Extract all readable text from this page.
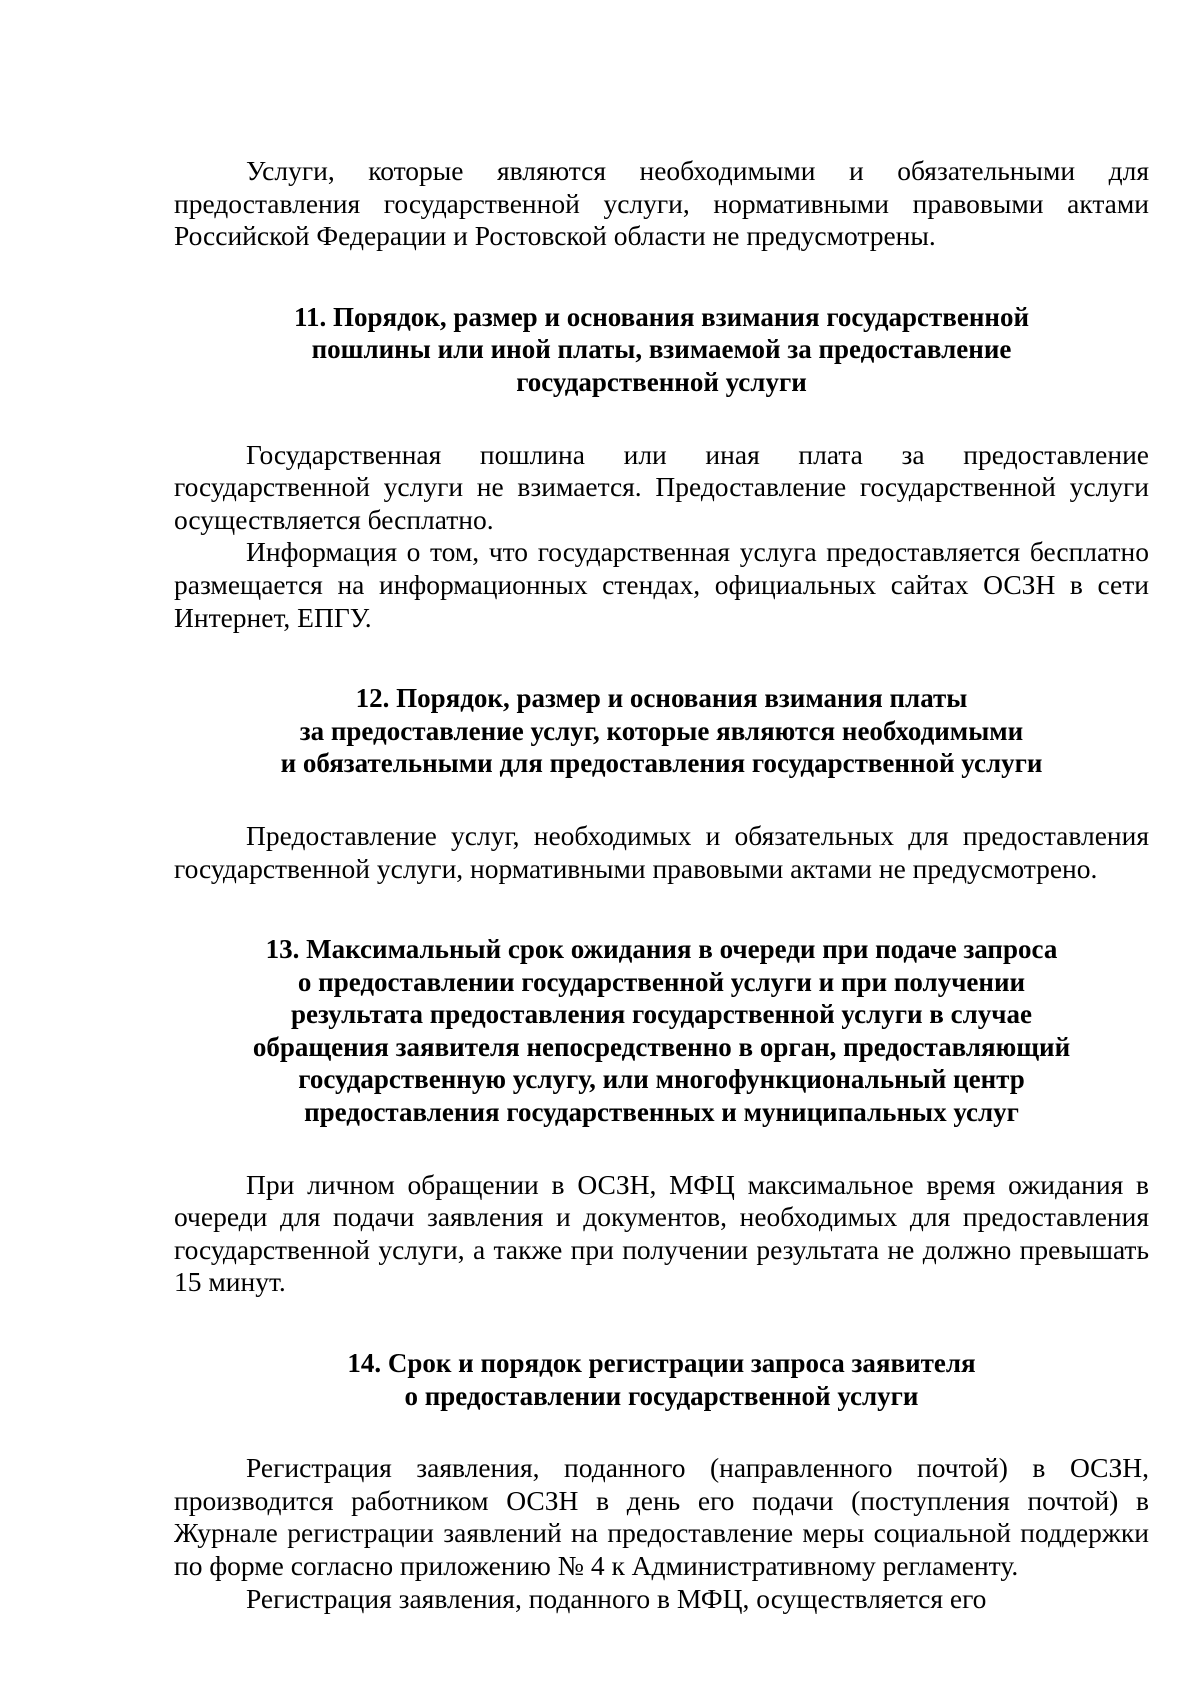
Услуги, которые являются необходимыми и обязательными для предоставления государственной услуги, нормативными правовыми актами Российской Федерации и Ростовской области не предусмотрены.

11. Порядок, размер и основания взимания государственной
пошлины или иной платы, взимаемой за предоставление
государственной услуги

Государственная пошлина или иная плата за предоставление государственной услуги не взимается. Предоставление государственной услуги осуществляется бесплатно.

Информация о том, что государственная услуга предоставляется бесплатно размещается на информационных стендах, официальных сайтах ОСЗН в сети Интернет, ЕПГУ.

12. Порядок, размер и основания взимания платы
за предоставление услуг, которые являются необходимыми
и обязательными для предоставления государственной услуги

Предоставление услуг, необходимых и обязательных для предоставления государственной услуги, нормативными правовыми актами не предусмотрено.

13. Максимальный срок ожидания в очереди при подаче запроса
о предоставлении государственной услуги и при получении
результата предоставления государственной услуги в случае
обращения заявителя непосредственно в орган, предоставляющий
государственную услугу, или многофункциональный центр
предоставления государственных и муниципальных услуг

При личном обращении в ОСЗН, МФЦ максимальное время ожидания в очереди для подачи заявления и документов, необходимых для предоставления государственной услуги, а также при получении результата не должно превышать 15 минут.

14. Срок и порядок регистрации запроса заявителя
о предоставлении государственной услуги

Регистрация заявления, поданного (направленного почтой) в ОСЗН, производится работником ОСЗН в день его подачи (поступления почтой) в Журнале регистрации заявлений на предоставление меры социальной поддержки по форме согласно приложению № 4 к Административному регламенту.

Регистрация заявления, поданного в МФЦ, осуществляется его
